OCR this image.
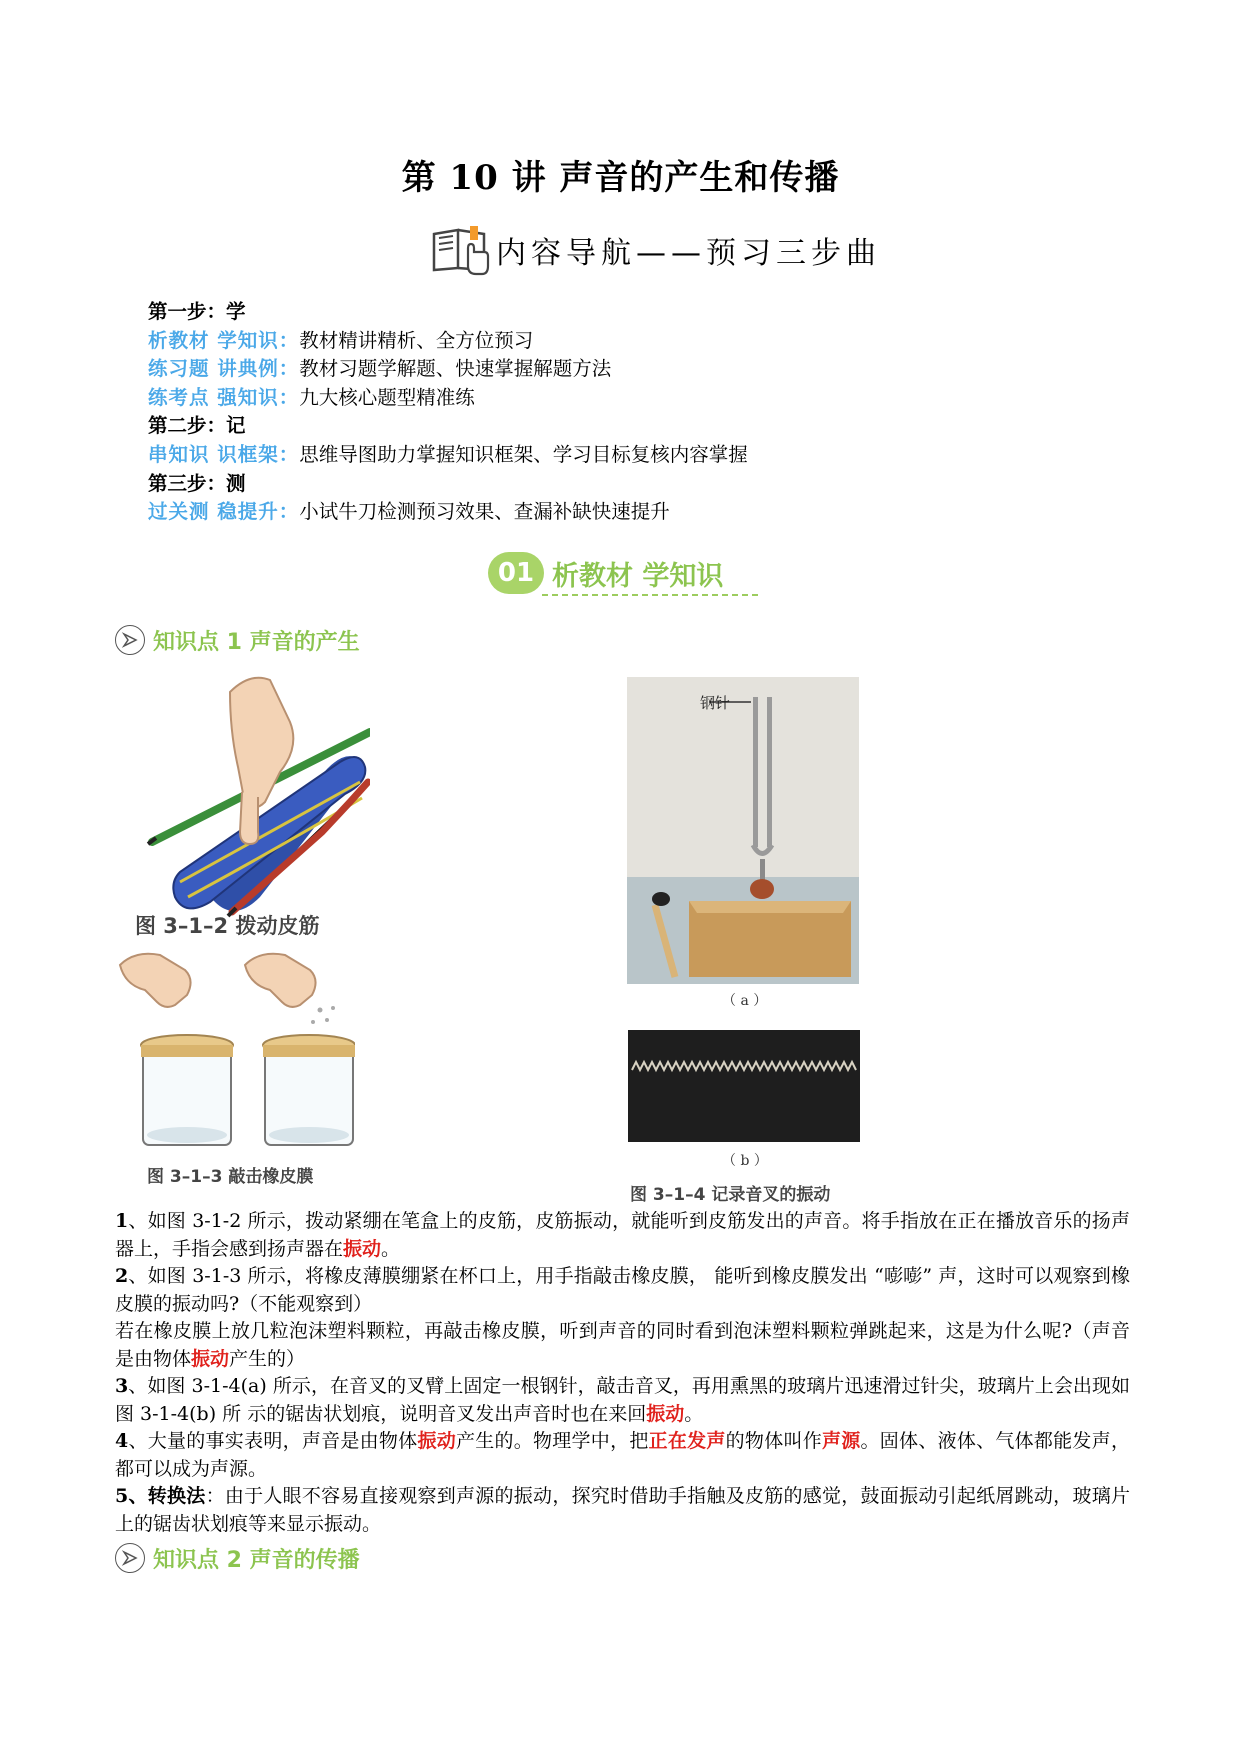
第 10 讲 声音的产生和传播
内容导航——预习三步曲
第一步：学
析教材 学知识：教材精讲精析、全方位预习
练习题 讲典例：教材习题学解题、快速掌握解题方法
练考点 强知识：九大核心题型精准练
第二步：记
串知识 识框架：思维导图助力掌握知识框架、学习目标复核内容掌握
第三步：测
过关测 稳提升：小试牛刀检测预习效果、查漏补缺快速提升
01 析教材 学知识
知识点 1 声音的产生
图 3–1–2 拨动皮筋
图 3–1–3 敲击橡皮膜
钢针
（ a ）
（ b ）
图 3–1–4 记录音叉的振动
1、如图 3-1-2 所示，拨动紧绷在笔盒上的皮筋，皮筋振动，就能听到皮筋发出的声音。将手指放在正在播放音乐的扬声器上，手指会感到扬声器在振动。
2、如图 3-1-3 所示，将橡皮薄膜绷紧在杯口上，用手指敲击橡皮膜， 能听到橡皮膜发出 “嘭嘭” 声，这时可以观察到橡皮膜的振动吗?（不能观察到）
若在橡皮膜上放几粒泡沫塑料颗粒，再敲击橡皮膜，听到声音的同时看到泡沫塑料颗粒弹跳起来，这是为什么呢?（声音是由物体振动产生的）
3、如图 3-1-4(a) 所示，在音叉的叉臂上固定一根钢针，敲击音叉，再用熏黑的玻璃片迅速滑过针尖，玻璃片上会出现如图 3-1-4(b) 所 示的锯齿状划痕，说明音叉发出声音时也在来回振动。
4、大量的事实表明，声音是由物体振动产生的。物理学中，把正在发声的物体叫作声源。固体、液体、气体都能发声，都可以成为声源。
5、转换法：由于人眼不容易直接观察到声源的振动，探究时借助手指触及皮筋的感觉，鼓面振动引起纸屑跳动，玻璃片上的锯齿状划痕等来显示振动。
知识点 2 声音的传播
